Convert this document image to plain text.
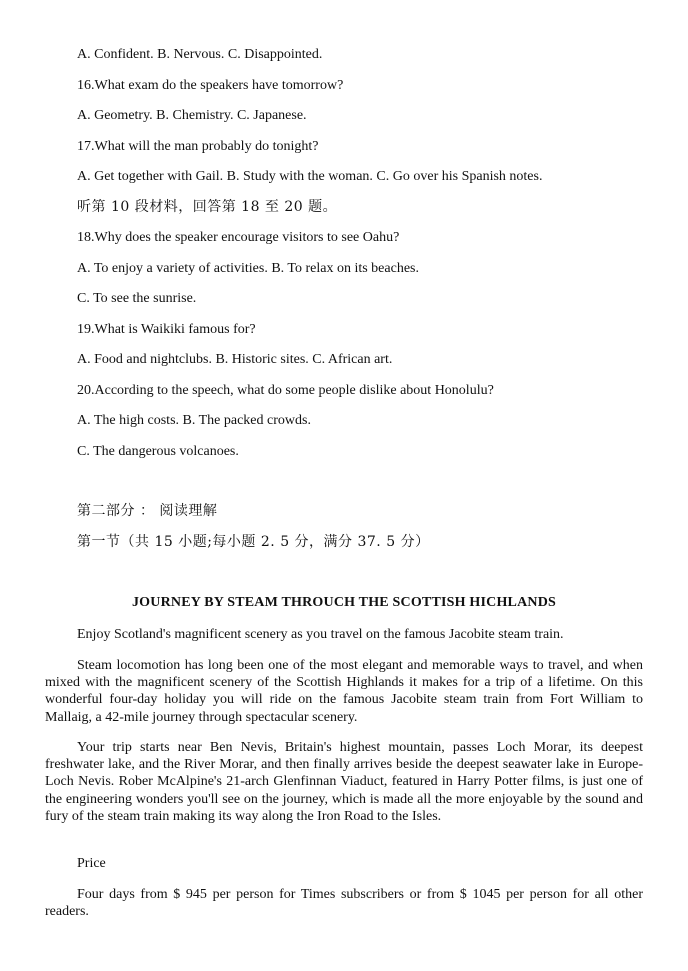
A. Confident. B. Nervous. C. Disappointed.
16.What exam do the speakers have tomorrow?
A. Geometry. B. Chemistry. C. Japanese.
17.What will the man probably do tonight?
A. Get together with Gail. B. Study with the woman. C. Go over his Spanish notes.
听第 10 段材料，回答第 18 至 20 题。
18.Why does the speaker encourage visitors to see Oahu?
A. To enjoy a variety of activities. B. To relax on its beaches.
C. To see the sunrise.
19.What is Waikiki famous for?
A. Food and nightclubs. B. Historic sites. C. African art.
20.According to the speech, what do some people dislike about Honolulu?
A. The high costs. B. The packed crowds.
C. The dangerous volcanoes.
第二部分 ： 阅读理解
第一节（共 15 小题;每小题 2. 5 分，满分 37. 5 分）
JOURNEY BY STEAM THROUCH THE SCOTTISH HICHLANDS
Enjoy Scotland's magnificent scenery as you travel on the famous Jacobite steam train.
Steam locomotion has long been one of the most elegant and memorable ways to travel, and when mixed with the magnificent scenery of the Scottish Highlands it makes for a trip of a lifetime. On this wonderful four-day holiday you will ride on the famous Jacobite steam train from Fort William to Mallaig, a 42-mile journey through spectacular scenery.
Your trip starts near Ben Nevis, Britain's highest mountain, passes Loch Morar, its deepest freshwater lake, and the River Morar, and then finally arrives beside the deepest seawater lake in Europe-Loch Nevis. Rober McAlpine's 21-arch Glenfinnan Viaduct, featured in Harry Potter films, is just one of the engineering wonders you'll see on the journey, which is made all the more enjoyable by the sound and fury of the steam train making its way along the Iron Road to the Isles.
Price
Four days from $ 945 per person for Times subscribers or from $ 1045 per person for all other readers.
